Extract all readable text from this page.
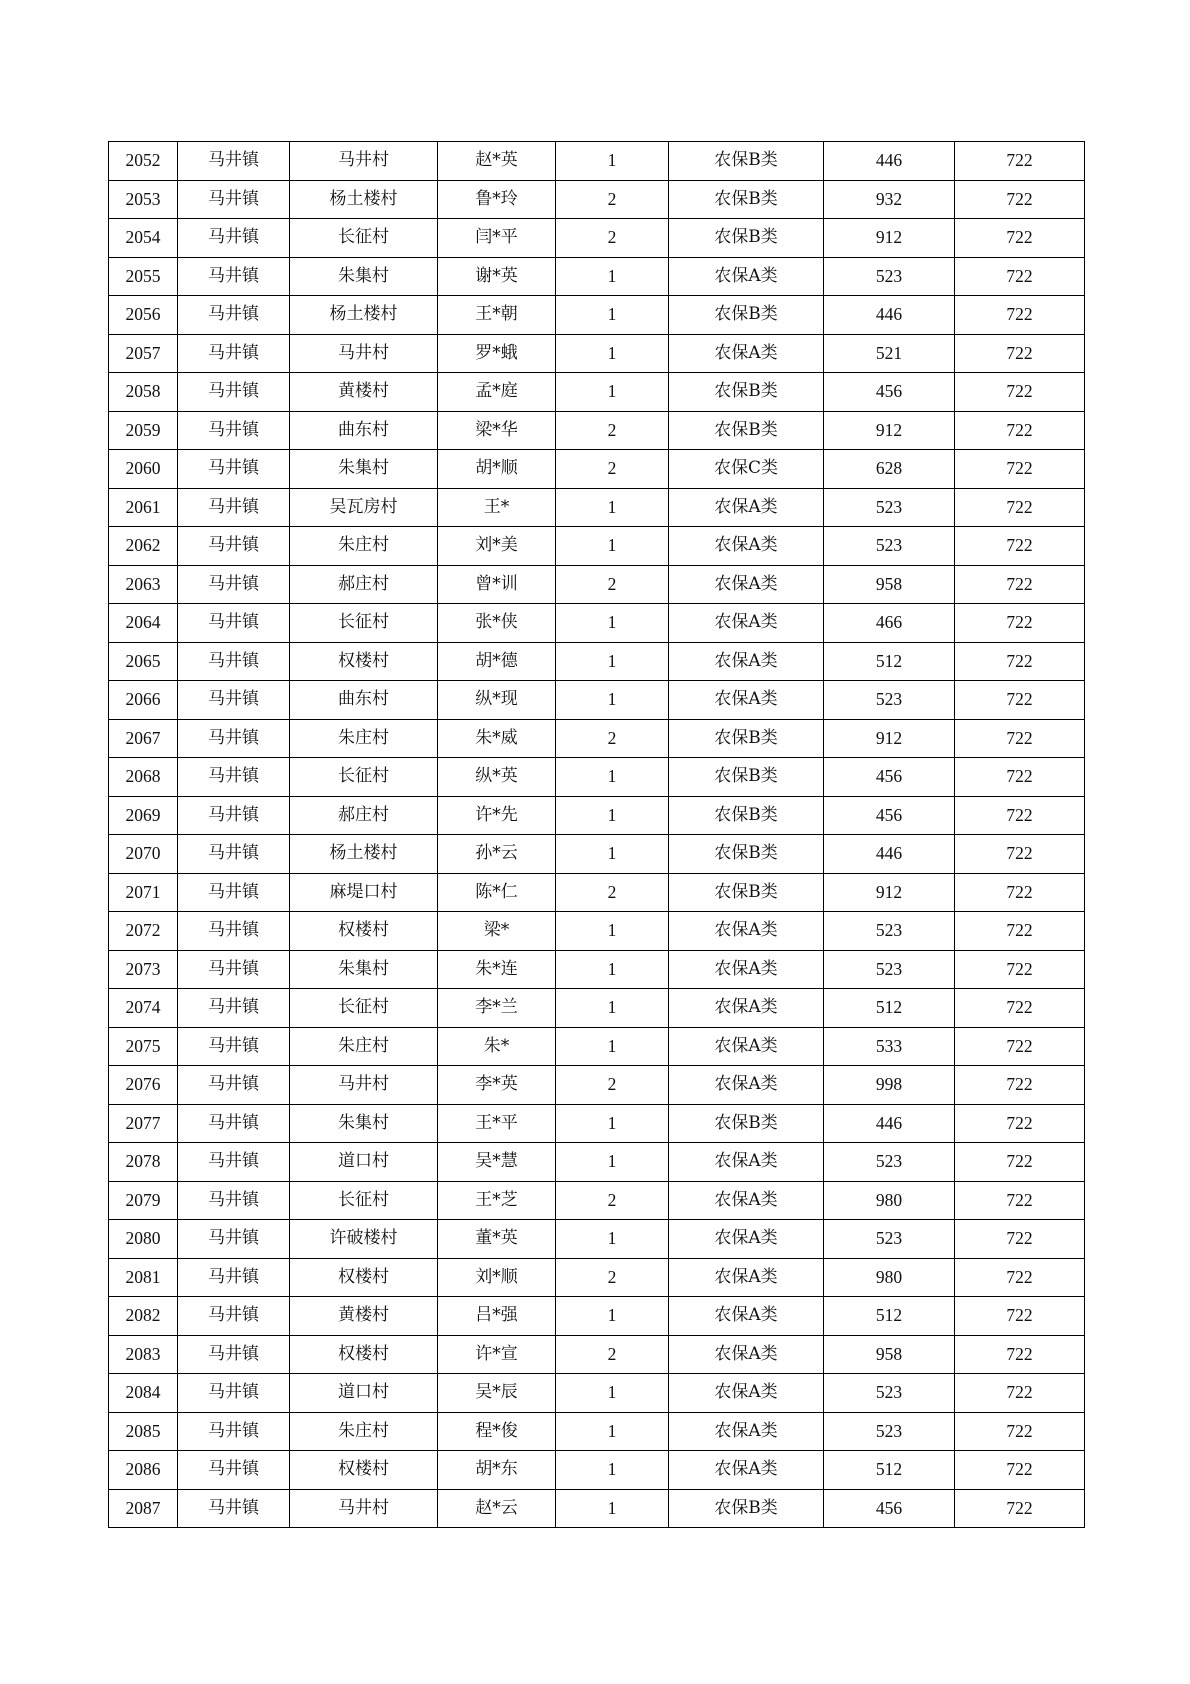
2052	马井镇	马井村	赵*英	1	农保B类	446	722
2053	马井镇	杨土楼村	鲁*玲	2	农保B类	932	722
2054	马井镇	长征村	闫*平	2	农保B类	912	722
2055	马井镇	朱集村	谢*英	1	农保A类	523	722
2056	马井镇	杨土楼村	王*朝	1	农保B类	446	722
2057	马井镇	马井村	罗*蛾	1	农保A类	521	722
2058	马井镇	黄楼村	孟*庭	1	农保B类	456	722
2059	马井镇	曲东村	梁*华	2	农保B类	912	722
2060	马井镇	朱集村	胡*顺	2	农保C类	628	722
2061	马井镇	吴瓦房村	王*	1	农保A类	523	722
2062	马井镇	朱庄村	刘*美	1	农保A类	523	722
2063	马井镇	郝庄村	曾*训	2	农保A类	958	722
2064	马井镇	长征村	张*侠	1	农保A类	466	722
2065	马井镇	权楼村	胡*德	1	农保A类	512	722
2066	马井镇	曲东村	纵*现	1	农保A类	523	722
2067	马井镇	朱庄村	朱*威	2	农保B类	912	722
2068	马井镇	长征村	纵*英	1	农保B类	456	722
2069	马井镇	郝庄村	许*先	1	农保B类	456	722
2070	马井镇	杨土楼村	孙*云	1	农保B类	446	722
2071	马井镇	麻堤口村	陈*仁	2	农保B类	912	722
2072	马井镇	权楼村	梁*	1	农保A类	523	722
2073	马井镇	朱集村	朱*连	1	农保A类	523	722
2074	马井镇	长征村	李*兰	1	农保A类	512	722
2075	马井镇	朱庄村	朱*	1	农保A类	533	722
2076	马井镇	马井村	李*英	2	农保A类	998	722
2077	马井镇	朱集村	王*平	1	农保B类	446	722
2078	马井镇	道口村	吴*慧	1	农保A类	523	722
2079	马井镇	长征村	王*芝	2	农保A类	980	722
2080	马井镇	许破楼村	董*英	1	农保A类	523	722
2081	马井镇	权楼村	刘*顺	2	农保A类	980	722
2082	马井镇	黄楼村	吕*强	1	农保A类	512	722
2083	马井镇	权楼村	许*宣	2	农保A类	958	722
2084	马井镇	道口村	吴*辰	1	农保A类	523	722
2085	马井镇	朱庄村	程*俊	1	农保A类	523	722
2086	马井镇	权楼村	胡*东	1	农保A类	512	722
2087	马井镇	马井村	赵*云	1	农保B类	456	722
